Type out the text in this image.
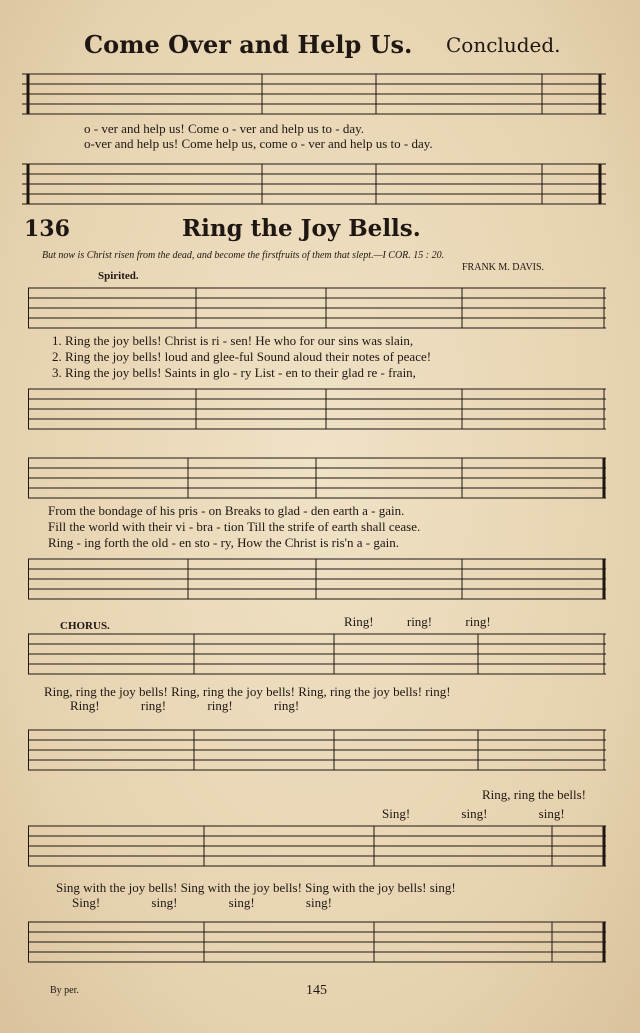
Come Over and Help Us. Concluded.
o - ver and help us! Come o - ver and help us to - day.
o-ver and help us! Come help us, come o - ver and help us to - day.
136	Ring the Joy Bells.
But now is Christ risen from the dead, and become the firstfruits of them that slept.—I COR. 15 : 20.
FRANK M. DAVIS.
Spirited.
1. Ring the joy bells! Christ is ri - sen! He who for our sins was slain,
2. Ring the joy bells! loud and glee-ful Sound aloud their notes of peace!
3. Ring the joy bells! Saints in glo - ry List - en to their glad re - frain,
From the bondage of his pris - on Breaks to glad - den earth a - gain.
Fill the world with their vi - bra - tion Till the strife of earth shall cease.
Ring - ing forth the old - en sto - ry, How the Christ is ris'n a - gain.
CHORUS.	Ring! ring! ring!
Ring, ring the joy bells! Ring, ring the joy bells! Ring, ring the joy bells! ring!
Ring! ring! ring! ring!
Ring, ring the bells!
Sing! sing! sing!
Sing with the joy bells! Sing with the joy bells! Sing with the joy bells! sing!
Sing! sing! sing! sing!
By per.	145
